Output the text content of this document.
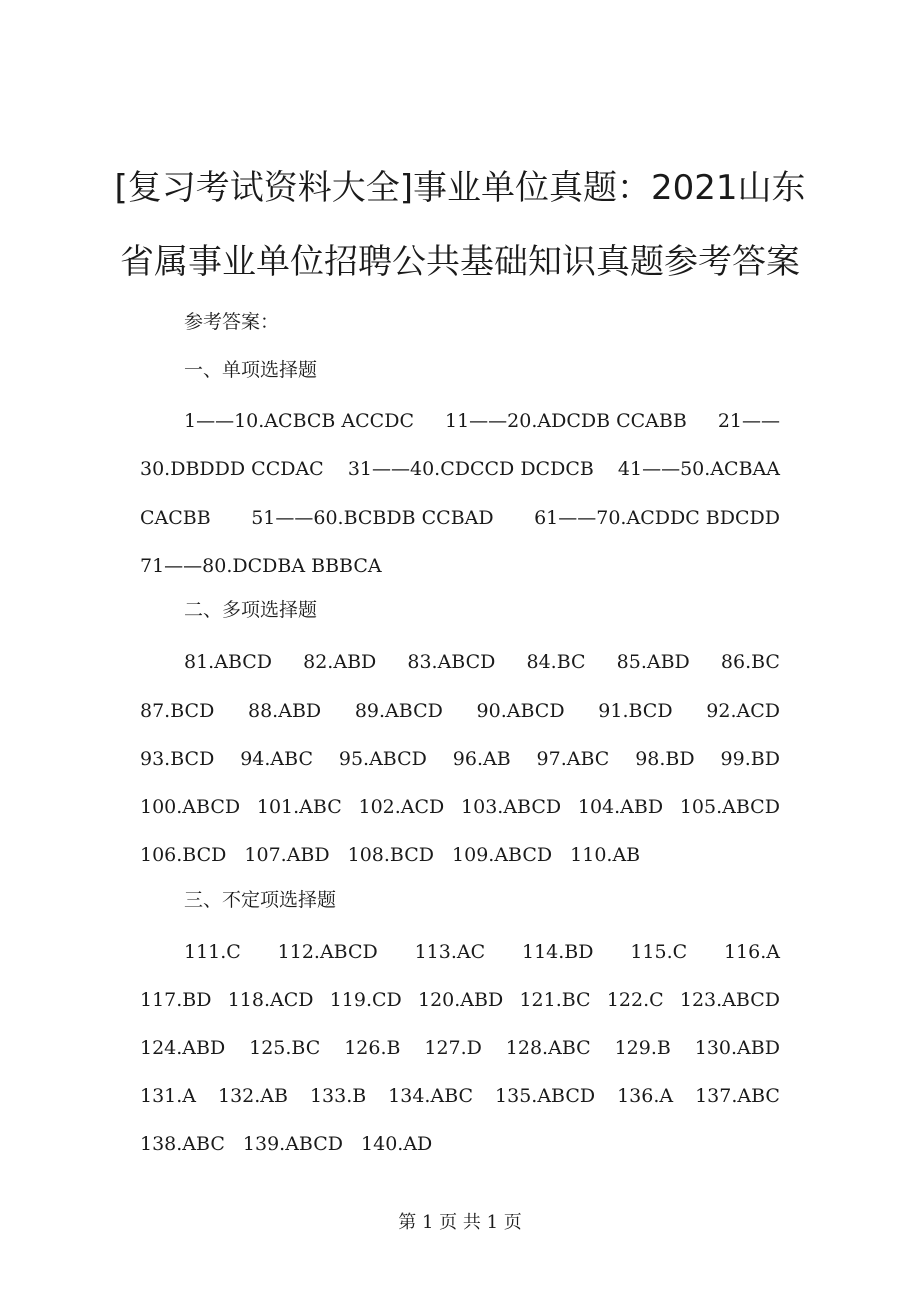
[复习考试资料大全]事业单位真题：2021山东
省属事业单位招聘公共基础知识真题参考答案
参考答案：
一、单项选择题
1——10.ACBCB ACCDC 11——20.ADCDB CCABB 21——
30.DBDDD CCDAC 31——40.CDCCD DCDCB 41——50.ACBAA
CACBB 51——60.BCBDB CCBAD 61——70.ACDDC BDCDD
71——80.DCDBA BBBCA
二、多项选择题
81.ABCD 82.ABD 83.ABCD 84.BC 85.ABD 86.BC
87.BCD 88.ABD 89.ABCD 90.ABCD 91.BCD 92.ACD
93.BCD 94.ABC 95.ABCD 96.AB 97.ABC 98.BD 99.BD
100.ABCD 101.ABC 102.ACD 103.ABCD 104.ABD 105.ABCD
106.BCD 107.ABD 108.BCD 109.ABCD 110.AB
三、不定项选择题
111.C 112.ABCD 113.AC 114.BD 115.C 116.A
117.BD 118.ACD 119.CD 120.ABD 121.BC 122.C 123.ABCD
124.ABD 125.BC 126.B 127.D 128.ABC 129.B 130.ABD
131.A 132.AB 133.B 134.ABC 135.ABCD 136.A 137.ABC
138.ABC 139.ABCD 140.AD
第 1 页 共 1 页
